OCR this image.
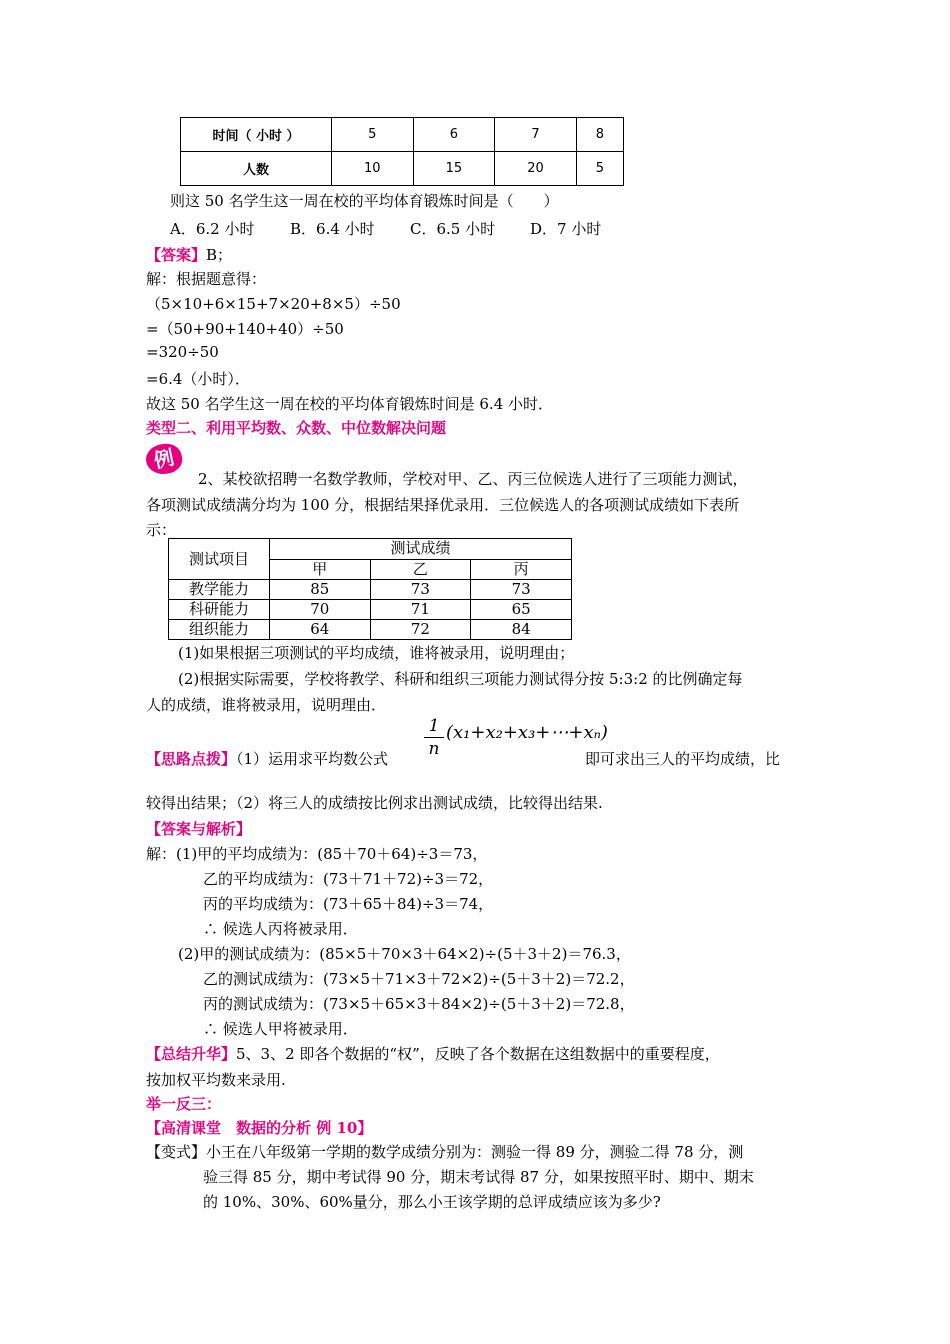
时间（ 小时 ）	5	6	7	8
人数	10	15	20	5
则这 50 名学生这一周在校的平均体育锻炼时间是（　　）
A．6.2 小时 B．6.4 小时 C．6.5 小时 D．7 小时
【答案】B；
解：根据题意得：
（5×10+6×15+7×20+8×5）÷50
=（50+90+140+40）÷50
=320÷50
=6.4（小时）．
故这 50 名学生这一周在校的平均体育锻炼时间是 6.4 小时．
类型二、利用平均数、众数、中位数解决问题
例
2、某校欲招聘一名数学教师，学校对甲、乙、丙三位候选人进行了三项能力测试，
各项测试成绩满分均为 100 分，根据结果择优录用．三位候选人的各项测试成绩如下表所
示：
测试项目	测试成绩		
	甲	乙	丙
教学能力	85	73	73
科研能力	70	71	65
组织能力	64	72	84
(1)如果根据三项测试的平均成绩，谁将被录用，说明理由；
(2)根据实际需要，学校将教学、科研和组织三项能力测试得分按 5:3:2 的比例确定每
人的成绩，谁将被录用，说明理由．
【思路点拨】（1）运用求平均数公式 $\frac{1}{n}$ (x₁+x₂+x₃+⋯+xₙ)
即可求出三人的平均成绩，比
较得出结果；（2）将三人的成绩按比例求出测试成绩，比较得出结果.
【答案与解析】
解：(1)甲的平均成绩为：(85＋70＋64)÷3＝73，
乙的平均成绩为：(73＋71＋72)÷3＝72，
丙的平均成绩为：(73＋65＋84)÷3＝74，
∴ 候选人丙将被录用．
(2)甲的测试成绩为：(85×5＋70×3＋64×2)÷(5＋3＋2)＝76.3，
乙的测试成绩为：(73×5＋71×3＋72×2)÷(5＋3＋2)＝72.2，
丙的测试成绩为：(73×5＋65×3＋84×2)÷(5＋3＋2)＝72.8，
∴ 候选人甲将被录用．
【总结升华】5、3、2 即各个数据的“权”，反映了各个数据在这组数据中的重要程度，
按加权平均数来录用.
举一反三：
【高清课堂　数据的分析 例 10】
【变式】小王在八年级第一学期的数学成绩分别为：测验一得 89 分，测验二得 78 分，测
验三得 85 分，期中考试得 90 分，期末考试得 87 分，如果按照平时、期中、期末
的 10%、30%、60%量分，那么小王该学期的总评成绩应该为多少?
